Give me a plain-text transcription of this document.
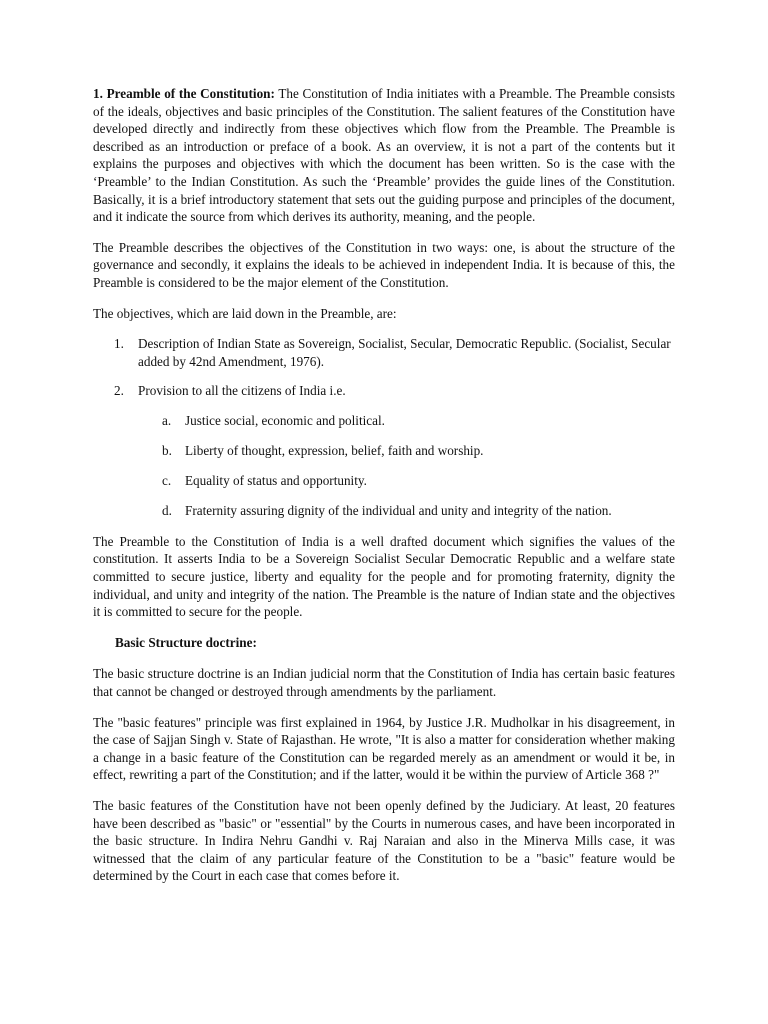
1. Preamble of the Constitution: The Constitution of India initiates with a Preamble. The Preamble consists of the ideals, objectives and basic principles of the Constitution. The salient features of the Constitution have developed directly and indirectly from these objectives which flow from the Preamble. The Preamble is described as an introduction or preface of a book. As an overview, it is not a part of the contents but it explains the purposes and objectives with which the document has been written. So is the case with the ‘Preamble’ to the Indian Constitution. As such the ‘Preamble’ provides the guide lines of the Constitution. Basically, it is a brief introductory statement that sets out the guiding purpose and principles of the document, and it indicate the source from which derives its authority, meaning, and the people.

The Preamble describes the objectives of the Constitution in two ways: one, is about the structure of the governance and secondly, it explains the ideals to be achieved in independent India. It is because of this, the Preamble is considered to be the major element of the Constitution.

The objectives, which are laid down in the Preamble, are:

1. Description of Indian State as Sovereign, Socialist, Secular, Democratic Republic. (Socialist, Secular added by 42nd Amendment, 1976).
2. Provision to all the citizens of India i.e.
a. Justice social, economic and political.
b. Liberty of thought, expression, belief, faith and worship.
c. Equality of status and opportunity.
d. Fraternity assuring dignity of the individual and unity and integrity of the nation.

The Preamble to the Constitution of India is a well drafted document which signifies the values of the constitution. It asserts India to be a Sovereign Socialist Secular Democratic Republic and a welfare state committed to secure justice, liberty and equality for the people and for promoting fraternity, dignity the individual, and unity and integrity of the nation. The Preamble is the nature of Indian state and the objectives it is committed to secure for the people.

Basic Structure doctrine:

The basic structure doctrine is an Indian judicial norm that the Constitution of India has certain basic features that cannot be changed or destroyed through amendments by the parliament.

The "basic features" principle was first explained in 1964, by Justice J.R. Mudholkar in his disagreement, in the case of Sajjan Singh v. State of Rajasthan. He wrote, "It is also a matter for consideration whether making a change in a basic feature of the Constitution can be regarded merely as an amendment or would it be, in effect, rewriting a part of the Constitution; and if the latter, would it be within the purview of Article 368 ?"

The basic features of the Constitution have not been openly defined by the Judiciary. At least, 20 features have been described as "basic" or "essential" by the Courts in numerous cases, and have been incorporated in the basic structure. In Indira Nehru Gandhi v. Raj Naraian and also in the Minerva Mills case, it was witnessed that the claim of any particular feature of the Constitution to be a "basic" feature would be determined by the Court in each case that comes before it.
